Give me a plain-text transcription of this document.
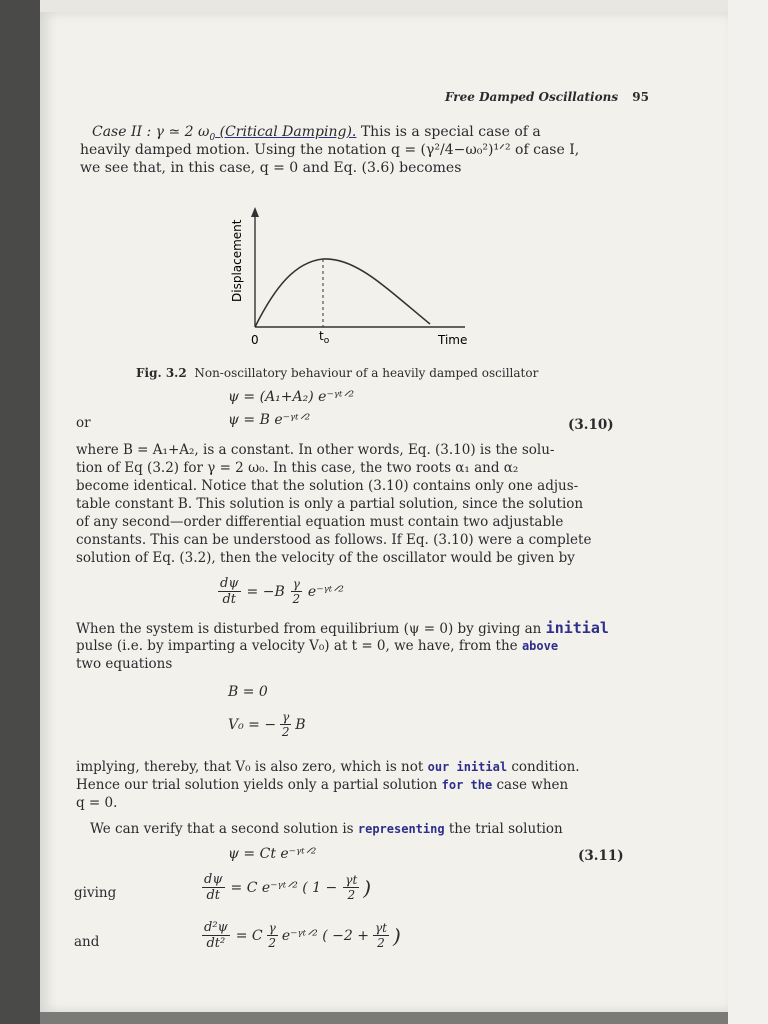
Free Damped Oscillations 95
Case II : γ ≃ 2 $\omega_0$ (Critical Damping). This is a special case of a
heavily damped motion. Using the notation q = (γ²/4−ω₀²)¹ᐟ² of case I,
we see that, in this case, q = 0 and Eq. (3.6) becomes
Displacement
0	$t_o$	Time
Fig. 3.2 Non-oscillatory behaviour of a heavily damped oscillator
ψ = (A₁+A₂) e⁻ᵞᵗᐟ²
or	ψ = B e⁻ᵞᵗᐟ²	(3.10)
where B = A₁+A₂, is a constant. In other words, Eq. (3.10) is the solu-
tion of Eq (3.2) for γ = 2 ω₀. In this case, the two roots α₁ and α₂
become identical. Notice that the solution (3.10) contains only one adjus-
table constant B. This solution is only a partial solution, since the solution
of any second—order differential equation must contain two adjustable
constants. This can be understood as follows. If Eq. (3.10) were a complete
solution of Eq. (3.2), then the velocity of the oscillator would be given by
$\frac{d\psi}{dt} = -B$ γ
2 e⁻ᵞᵗᐟ²
When the system is disturbed from equilibrium (ψ = 0) by giving an initial
pulse (i.e. by imparting a velocity V₀) at t = 0, we have, from the above
two equations
B = 0
V₀ = − $\frac{\gamma}{2}$ B
implying, thereby, that V₀ is also zero, which is not our initial condition.
Hence our trial solution yields only a partial solution for the case when
q = 0.
We can verify that a second solution is representing the trial solution
ψ = Ct e⁻ᵞᵗᐟ²	(3.11)
giving	$\frac{d\psi}{dt} = C$ e⁻ᵞᵗᐟ² ( $1 - \frac{\gamma t}{2}$ )
and	$\frac{\text{d²ψ}}{\text{dt²}} = C$ γ
2 e⁻ᵞᵗᐟ² ( $-2 + \frac{\gamma t}{2}$ )
